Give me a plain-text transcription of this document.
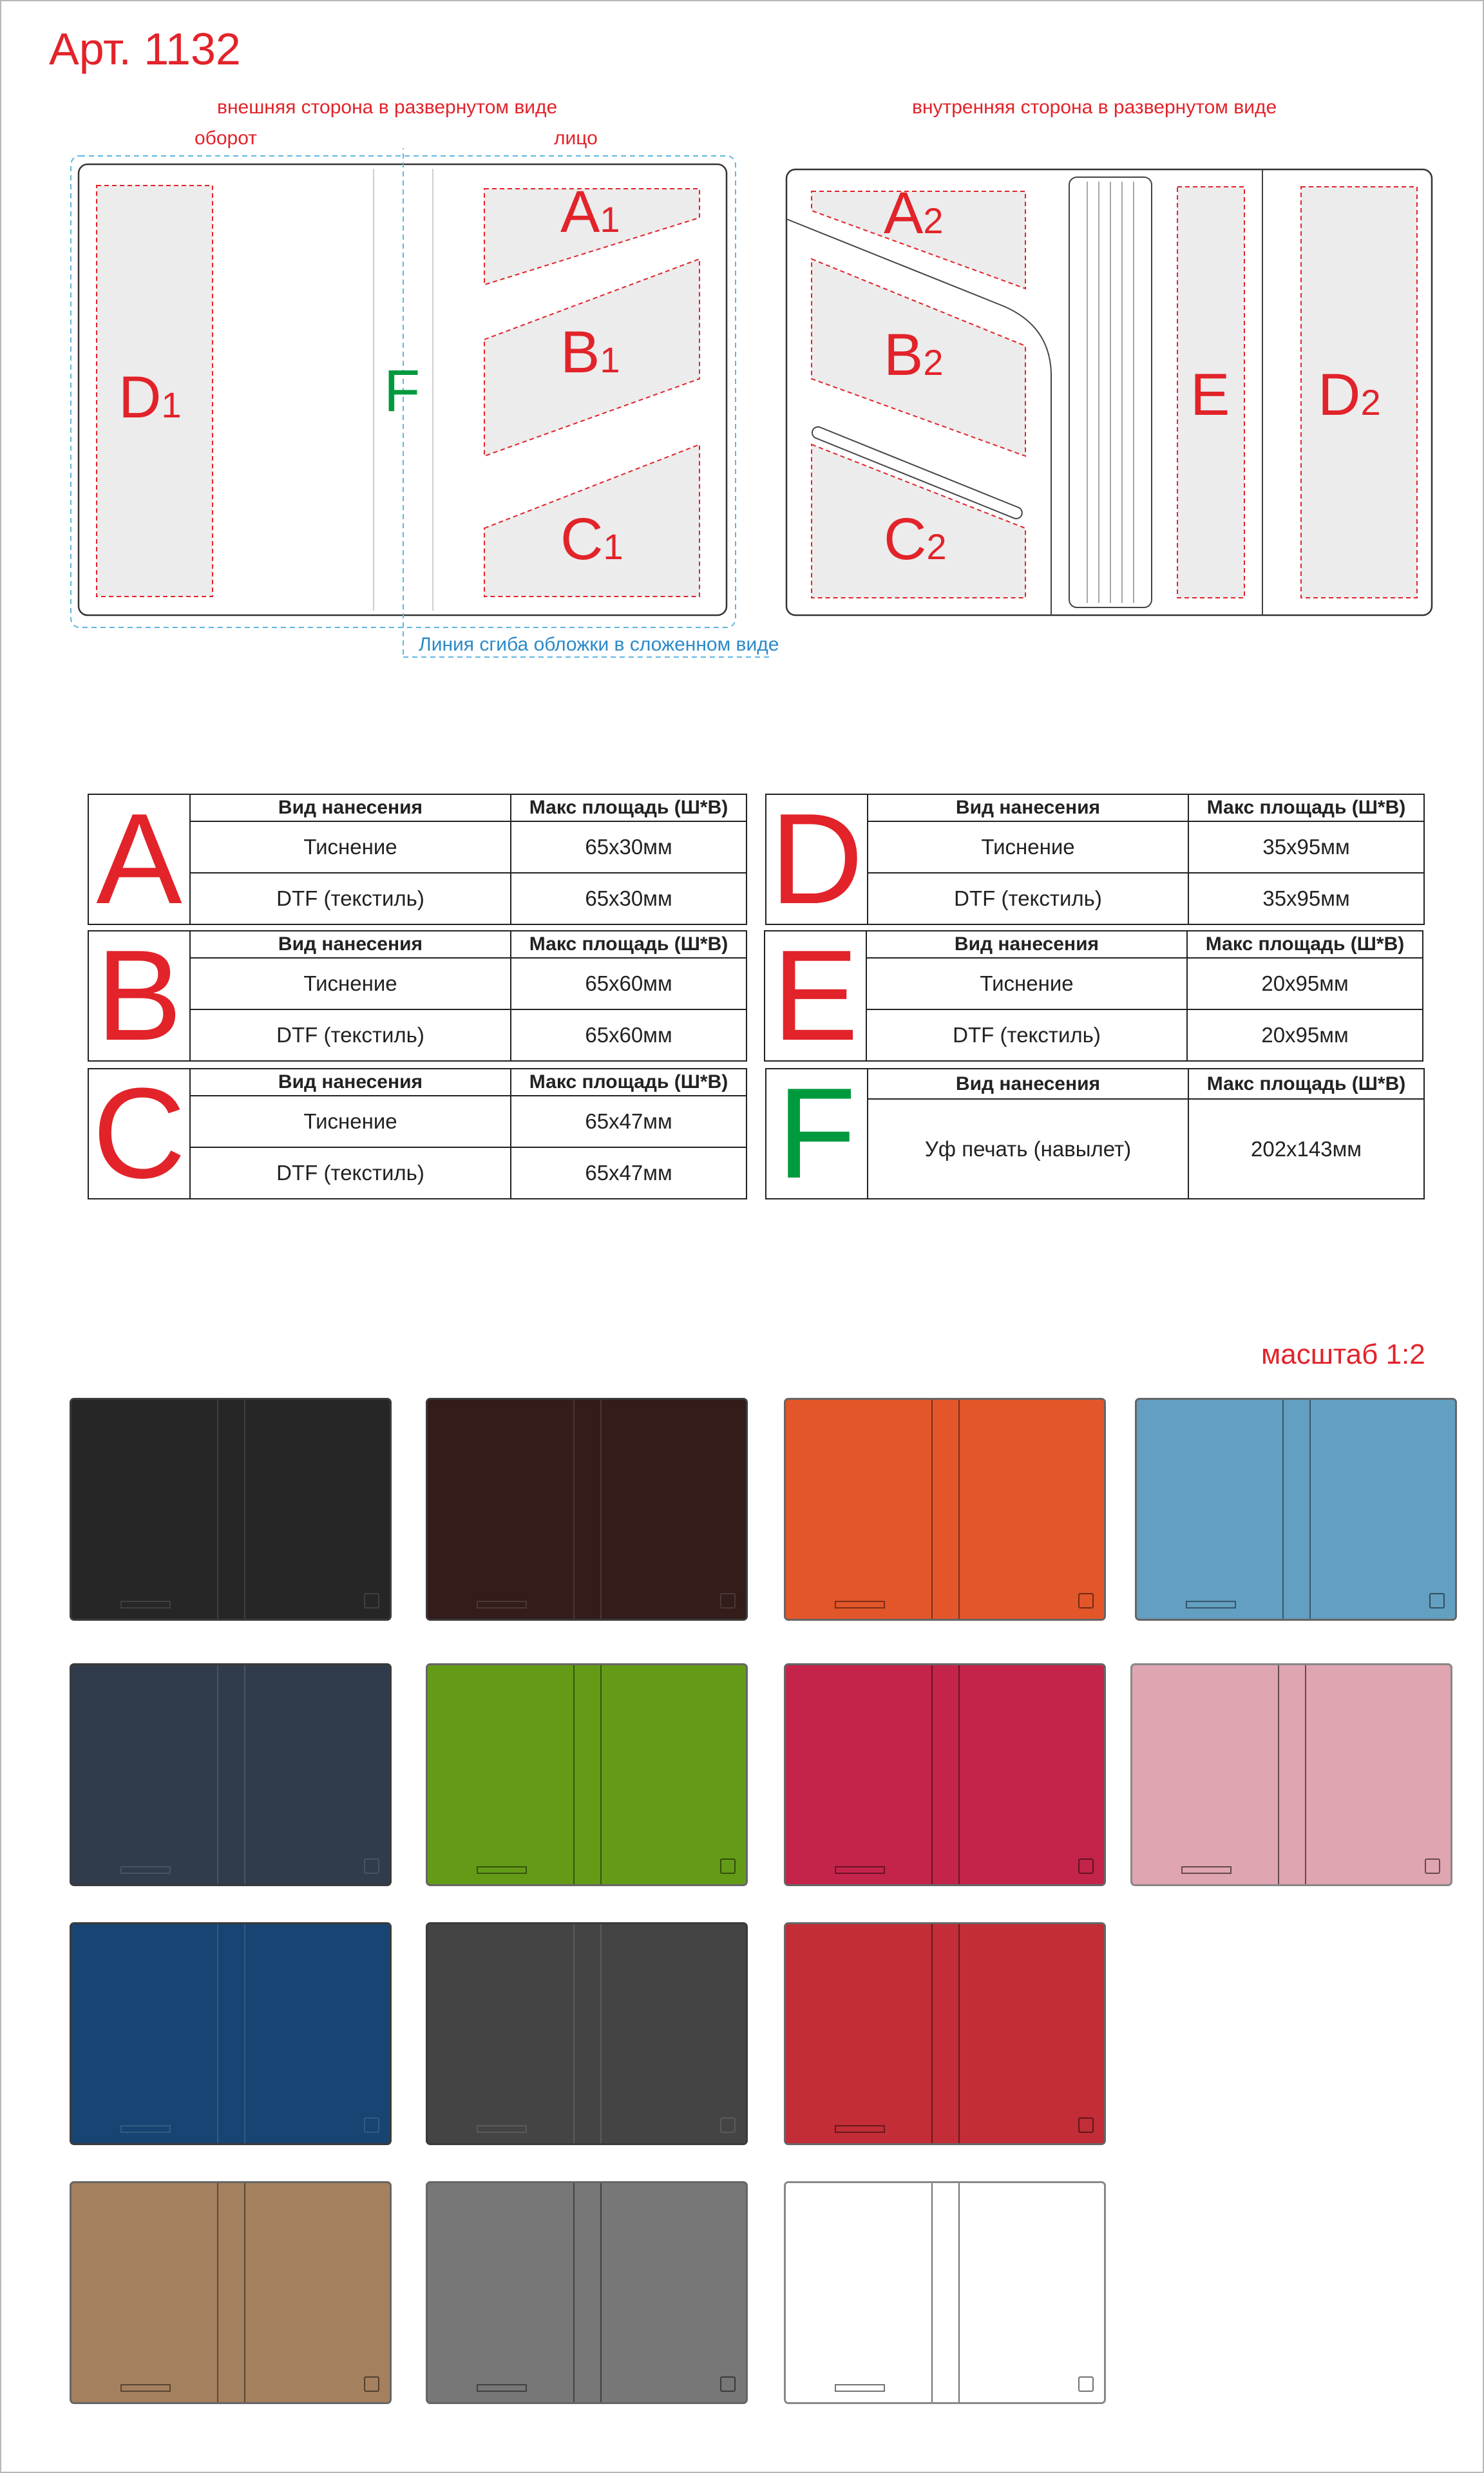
Арт. 1132
внешняя сторона в развернутом виде
оборот	лицо
внутренняя сторона в развернутом виде
A1
B1
C1
D1	F
Линия сгиба обложки в сложенном виде
A2
B2
C2
E D2
A	Вид нанесения	Макс площадь (Ш*В)
	Тиснение	65х30мм
	DTF (текстиль)	65х30мм
B	Вид нанесения	Макс площадь (Ш*В)
	Тиснение	65х60мм
	DTF (текстиль)	65х60мм
C	Вид нанесения	Макс площадь (Ш*В)
	Тиснение	65х47мм
	DTF (текстиль)	65х47мм
D	Вид нанесения	Макс площадь (Ш*В)
	Тиснение	35х95мм
	DTF (текстиль)	35х95мм
E	Вид нанесения	Макс площадь (Ш*В)
	Тиснение	20х95мм
	DTF (текстиль)	20х95мм
F	Вид нанесения	Макс площадь (Ш*В)
	Уф печать (навылет)	202х143мм
масштаб 1:2
